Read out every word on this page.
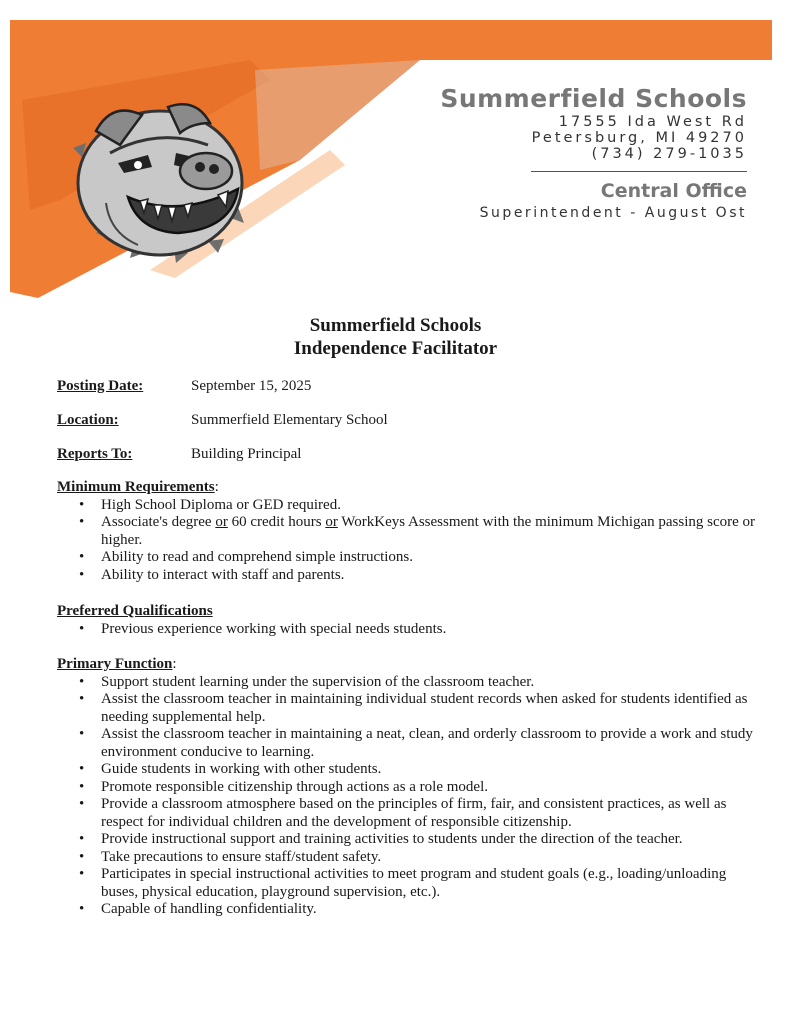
Summerfield Schools
17555 Ida West Rd
Petersburg, MI 49270
(734) 279-1035
Central Office
Superintendent - August Ost
Summerfield Schools
Independence Facilitator
Posting Date:	September 15, 2025
Location:	Summerfield Elementary School
Reports To:	Building Principal
Minimum Requirements:
• High School Diploma or GED required.
• Associate's degree or 60 credit hours or WorkKeys Assessment with the minimum Michigan passing score or higher.
• Ability to read and comprehend simple instructions.
• Ability to interact with staff and parents.
Preferred Qualifications
• Previous experience working with special needs students.
Primary Function:
• Support student learning under the supervision of the classroom teacher.
• Assist the classroom teacher in maintaining individual student records when asked for students identified as needing supplemental help.
• Assist the classroom teacher in maintaining a neat, clean, and orderly classroom to provide a work and study environment conducive to learning.
• Guide students in working with other students.
• Promote responsible citizenship through actions as a role model.
• Provide a classroom atmosphere based on the principles of firm, fair, and consistent practices, as well as respect for individual children and the development of responsible citizenship.
• Provide instructional support and training activities to students under the direction of the teacher.
• Take precautions to ensure staff/student safety.
• Participates in special instructional activities to meet program and student goals (e.g., loading/unloading buses, physical education, playground supervision, etc.).
• Capable of handling confidentiality.
